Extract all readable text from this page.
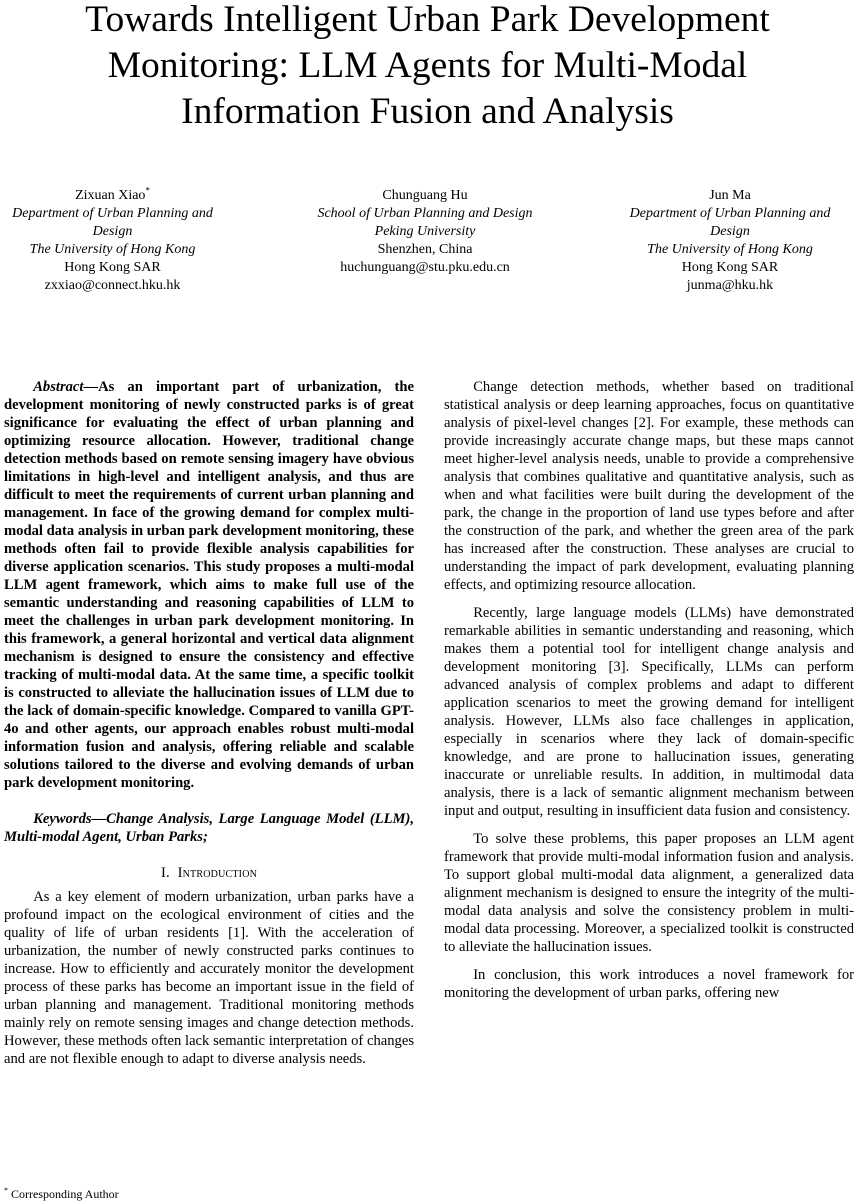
Towards Intelligent Urban Park Development Monitoring: LLM Agents for Multi-Modal Information Fusion and Analysis
Zixuan Xiao*
Department of Urban Planning and
Design
The University of Hong Kong
Hong Kong SAR
zxxiao@connect.hku.hk
Chunguang Hu
School of Urban Planning and Design
Peking University
Shenzhen, China
huchunguang@stu.pku.edu.cn
Jun Ma
Department of Urban Planning and
Design
The University of Hong Kong
Hong Kong SAR
junma@hku.hk

Abstract—As an important part of urbanization, the development monitoring of newly constructed parks is of great significance for evaluating the effect of urban planning and optimizing resource allocation. However, traditional change detection methods based on remote sensing imagery have obvious limitations in high-level and intelligent analysis, and thus are difficult to meet the requirements of current urban planning and management. In face of the growing demand for complex multi-modal data analysis in urban park development monitoring, these methods often fail to provide flexible analysis capabilities for diverse application scenarios. This study proposes a multi-modal LLM agent framework, which aims to make full use of the semantic understanding and reasoning capabilities of LLM to meet the challenges in urban park development monitoring. In this framework, a general horizontal and vertical data alignment mechanism is designed to ensure the consistency and effective tracking of multi-modal data. At the same time, a specific toolkit is constructed to alleviate the hallucination issues of LLM due to the lack of domain-specific knowledge. Compared to vanilla GPT-4o and other agents, our approach enables robust multi-modal information fusion and analysis, offering reliable and scalable solutions tailored to the diverse and evolving demands of urban park development monitoring.

Keywords—Change Analysis, Large Language Model (LLM), Multi-modal Agent, Urban Parks;

I. Introduction

As a key element of modern urbanization, urban parks have a profound impact on the ecological environment of cities and the quality of life of urban residents [1]. With the acceleration of urbanization, the number of newly constructed parks continues to increase. How to efficiently and accurately monitor the development process of these parks has become an important issue in the field of urban planning and management. Traditional monitoring methods mainly rely on remote sensing images and change detection methods. However, these methods often lack semantic interpretation of changes and are not flexible enough to adapt to diverse analysis needs.

Change detection methods, whether based on traditional statistical analysis or deep learning approaches, focus on quantitative analysis of pixel-level changes [2]. For example, these methods can provide increasingly accurate change maps, but these maps cannot meet higher-level analysis needs, unable to provide a comprehensive analysis that combines qualitative and quantitative analysis, such as when and what facilities were built during the development of the park, the change in the proportion of land use types before and after the construction of the park, and whether the green area of the park has increased after the construction. These analyses are crucial to understanding the impact of park development, evaluating planning effects, and optimizing resource allocation.

Recently, large language models (LLMs) have demonstrated remarkable abilities in semantic understanding and reasoning, which makes them a potential tool for intelligent change analysis and development monitoring [3]. Specifically, LLMs can perform advanced analysis of complex problems and adapt to different application scenarios to meet the growing demand for intelligent analysis. However, LLMs also face challenges in application, especially in scenarios where they lack of domain-specific knowledge, and are prone to hallucination issues, generating inaccurate or unreliable results. In addition, in multimodal data analysis, there is a lack of semantic alignment mechanism between input and output, resulting in insufficient data fusion and consistency.

To solve these problems, this paper proposes an LLM agent framework that provide multi-modal information fusion and analysis. To support global multi-modal data alignment, a generalized data alignment mechanism is designed to ensure the integrity of the multi-modal data analysis and solve the consistency problem in multi-modal data processing. Moreover, a specialized toolkit is constructed to alleviate the hallucination issues.

In conclusion, this work introduces a novel framework for monitoring the development of urban parks, offering new

* Corresponding Author
